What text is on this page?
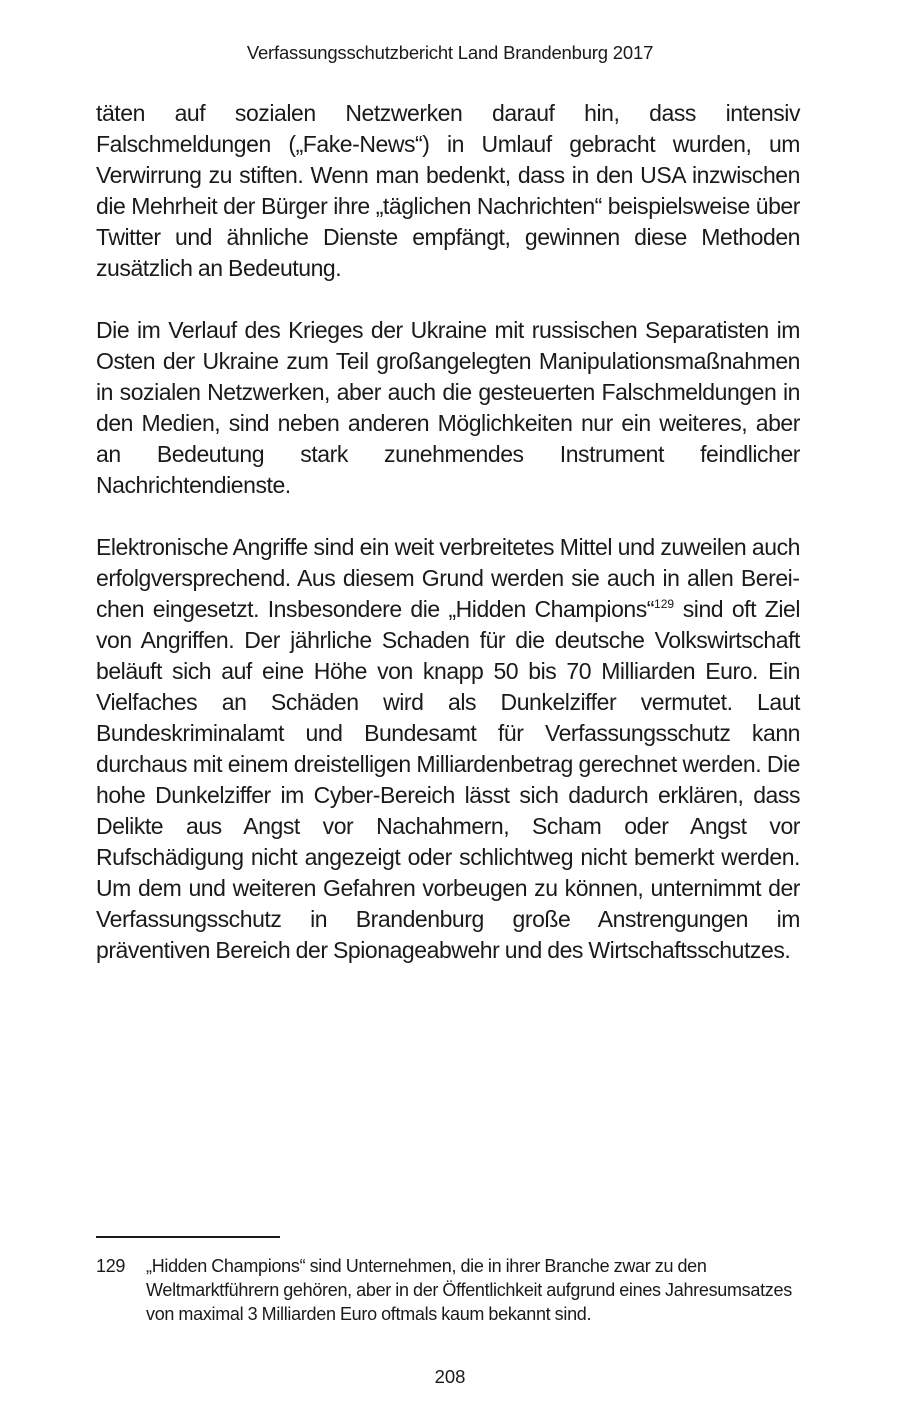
Verfassungsschutzbericht Land Brandenburg 2017

täten auf sozialen Netzwerken darauf hin, dass intensiv Falschmeldungen („Fake-News“) in Umlauf gebracht wurden, um Verwirrung zu stiften. Wenn man bedenkt, dass in den USA inzwischen die Mehrheit der Bürger ihre „täglichen Nachrichten“ beispielsweise über Twitter und ähnliche Dienste empfängt, gewinnen diese Methoden zusätzlich an Bedeutung.

Die im Verlauf des Krieges der Ukraine mit russischen Separatisten im Osten der Ukraine zum Teil großangelegten Manipulationsmaßnahmen in sozialen Netzwerken, aber auch die gesteuerten Falschmeldungen in den Medien, sind neben anderen Möglichkeiten nur ein weiteres, aber an Bedeutung stark zunehmendes Instrument feindlicher Nachrichtendienste.

Elektronische Angriffe sind ein weit verbreitetes Mittel und zuweilen auch erfolgversprechend. Aus diesem Grund werden sie auch in allen Bereichen eingesetzt. Insbesondere die „Hidden Champions“$^{129}$ sind oft Ziel von Angriffen. Der jährliche Schaden für die deutsche Volkswirtschaft beläuft sich auf eine Höhe von knapp 50 bis 70 Milliarden Euro. Ein Vielfaches an Schäden wird als Dunkelziffer vermutet. Laut Bundeskriminalamt und Bundesamt für Verfassungsschutz kann durchaus mit einem dreistelligen Milliardenbetrag gerechnet werden. Die hohe Dunkelziffer im Cyber-Bereich lässt sich dadurch erklären, dass Delikte aus Angst vor Nachahmern, Scham oder Angst vor Rufschädigung nicht angezeigt oder schlichtweg nicht bemerkt werden. Um dem und weiteren Gefahren vorbeugen zu können, unternimmt der Verfassungsschutz in Brandenburg große Anstrengungen im präventiven Bereich der Spionageabwehr und des Wirtschaftsschutzes.

129 „Hidden Champions“ sind Unternehmen, die in ihrer Branche zwar zu den Weltmarktführern gehören, aber in der Öffentlichkeit aufgrund eines Jahresumsatzes von maximal 3 Milliarden Euro oftmals kaum bekannt sind.
208
